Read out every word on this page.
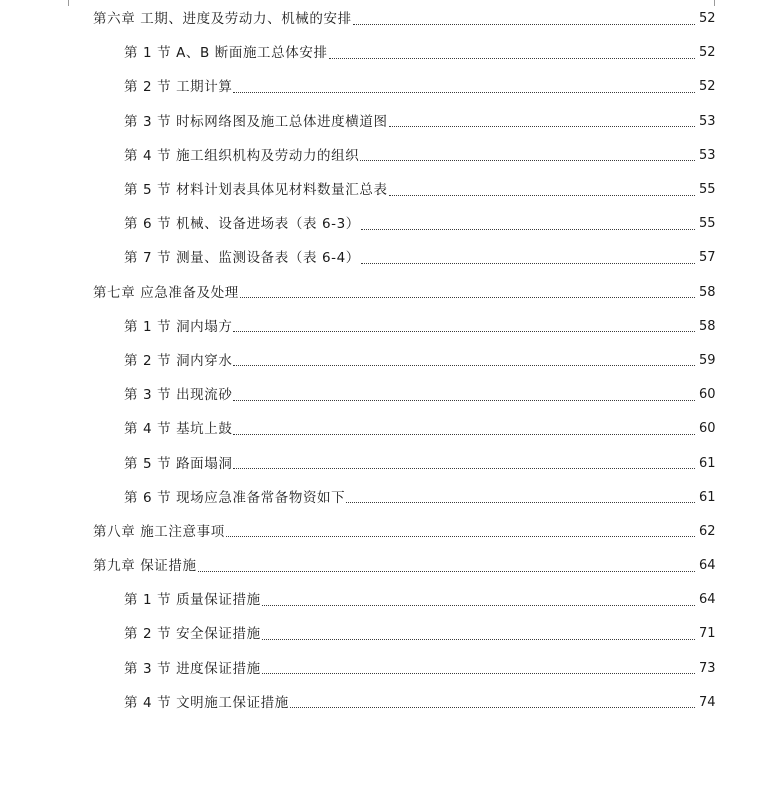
第六章 工期、进度及劳动力、机械的安排	52
第 1 节 A、B 断面施工总体安排	52
第 2 节 工期计算	52
第 3 节 时标网络图及施工总体进度横道图	53
第 4 节 施工组织机构及劳动力的组织	53
第 5 节 材料计划表具体见材料数量汇总表	55
第 6 节 机械、设备进场表（表 6-3）	55
第 7 节 测量、监测设备表（表 6-4）	57
第七章 应急准备及处理	58
第 1 节 洞内塌方	58
第 2 节 洞内穿水	59
第 3 节 出现流砂	60
第 4 节 基坑上鼓	60
第 5 节 路面塌洞	61
第 6 节 现场应急准备常备物资如下	61
第八章 施工注意事项	62
第九章 保证措施	64
第 1 节 质量保证措施	64
第 2 节 安全保证措施	71
第 3 节 进度保证措施	73
第 4 节 文明施工保证措施	74
